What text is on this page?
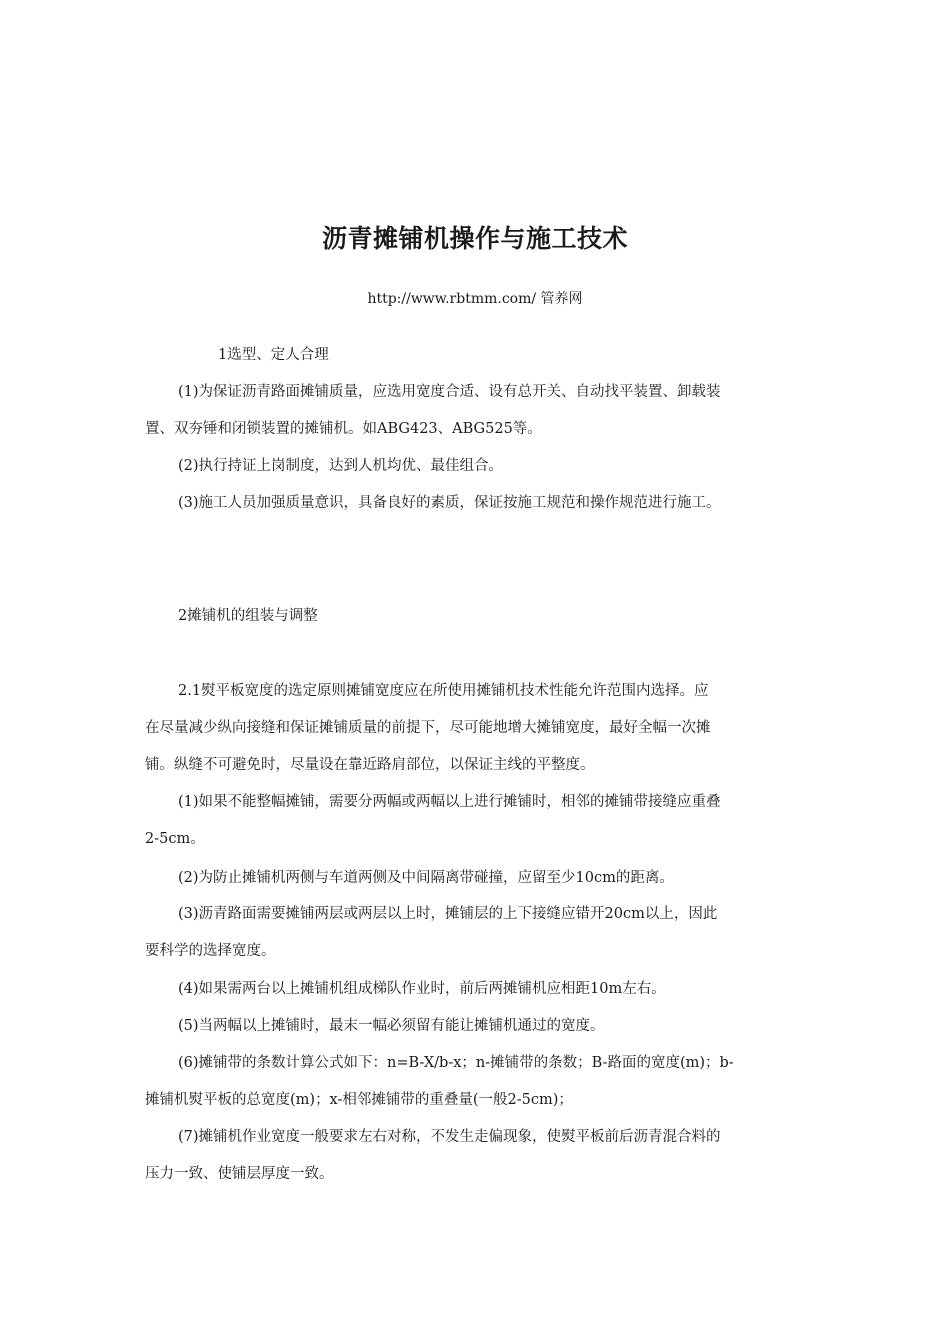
沥青摊铺机操作与施工技术
http://www.rbtmm.com/ 管养网
1选型、定人合理
(1)为保证沥青路面摊铺质量，应选用宽度合适、设有总开关、自动找平装置、卸载装
置、双夯锤和闭锁装置的摊铺机。如ABG423、ABG525等。
(2)执行持证上岗制度，达到人机均优、最佳组合。
(3)施工人员加强质量意识，具备良好的素质，保证按施工规范和操作规范进行施工。
2摊铺机的组装与调整
2.1熨平板宽度的选定原则摊铺宽度应在所使用摊铺机技术性能允许范围内选择。应
在尽量减少纵向接缝和保证摊铺质量的前提下，尽可能地增大摊铺宽度，最好全幅一次摊
铺。纵缝不可避免时，尽量设在靠近路肩部位，以保证主线的平整度。
(1)如果不能整幅摊铺，需要分两幅或两幅以上进行摊铺时，相邻的摊铺带接缝应重叠
2-5cm。
(2)为防止摊铺机两侧与车道两侧及中间隔离带碰撞，应留至少10cm的距离。
(3)沥青路面需要摊铺两层或两层以上时，摊铺层的上下接缝应错开20cm以上，因此
要科学的选择宽度。
(4)如果需两台以上摊铺机组成梯队作业时，前后两摊铺机应相距10m左右。
(5)当两幅以上摊铺时，最末一幅必须留有能让摊铺机通过的宽度。
(6)摊铺带的条数计算公式如下：n=B-X/b-x；n-摊铺带的条数；B-路面的宽度(m)；b-
摊铺机熨平板的总宽度(m)；x-相邻摊铺带的重叠量(一般2-5cm)；
(7)摊铺机作业宽度一般要求左右对称，不发生走偏现象，使熨平板前后沥青混合料的
压力一致、使铺层厚度一致。
